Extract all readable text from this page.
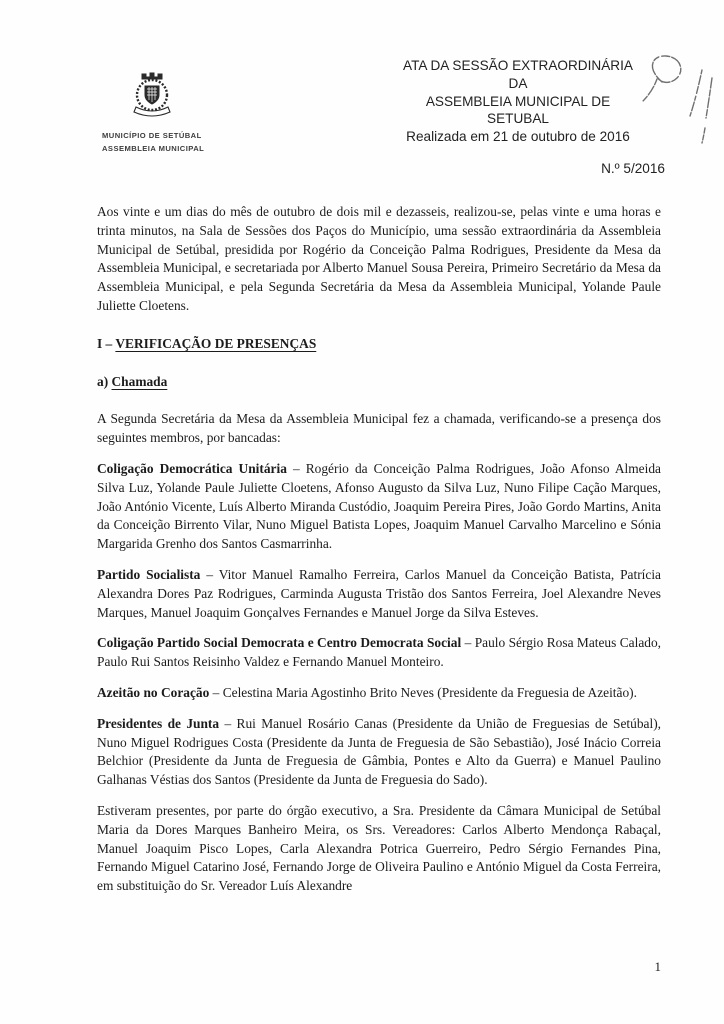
MUNICÍPIO DE SETÚBAL
ASSEMBLEIA MUNICIPAL
ATA DA SESSÃO EXTRAORDINÁRIA
DA
ASSEMBLEIA MUNICIPAL DE
SETUBAL
Realizada em 21 de outubro de 2016
N.º 5/2016

Aos vinte e um dias do mês de outubro de dois mil e dezasseis, realizou-se, pelas vinte e uma horas e trinta minutos, na Sala de Sessões dos Paços do Município, uma sessão extraordinária da Assembleia Municipal de Setúbal, presidida por Rogério da Conceição Palma Rodrigues, Presidente da Mesa da Assembleia Municipal, e secretariada por Alberto Manuel Sousa Pereira, Primeiro Secretário da Mesa da Assembleia Municipal, e pela Segunda Secretária da Mesa da Assembleia Municipal, Yolande Paule Juliette Cloetens.

I – VERIFICAÇÃO DE PRESENÇAS

a) Chamada

A Segunda Secretária da Mesa da Assembleia Municipal fez a chamada, verificando-se a presença dos seguintes membros, por bancadas:

Coligação Democrática Unitária – Rogério da Conceição Palma Rodrigues, João Afonso Almeida Silva Luz, Yolande Paule Juliette Cloetens, Afonso Augusto da Silva Luz, Nuno Filipe Cação Marques, João António Vicente, Luís Alberto Miranda Custódio, Joaquim Pereira Pires, João Gordo Martins, Anita da Conceição Birrento Vilar, Nuno Miguel Batista Lopes, Joaquim Manuel Carvalho Marcelino e Sónia Margarida Grenho dos Santos Casmarrinha.

Partido Socialista – Vitor Manuel Ramalho Ferreira, Carlos Manuel da Conceição Batista, Patrícia Alexandra Dores Paz Rodrigues, Carminda Augusta Tristão dos Santos Ferreira, Joel Alexandre Neves Marques, Manuel Joaquim Gonçalves Fernandes e Manuel Jorge da Silva Esteves.

Coligação Partido Social Democrata e Centro Democrata Social – Paulo Sérgio Rosa Mateus Calado, Paulo Rui Santos Reisinho Valdez e Fernando Manuel Monteiro.

Azeitão no Coração – Celestina Maria Agostinho Brito Neves (Presidente da Freguesia de Azeitão).

Presidentes de Junta – Rui Manuel Rosário Canas (Presidente da União de Freguesias de Setúbal), Nuno Miguel Rodrigues Costa (Presidente da Junta de Freguesia de São Sebastião), José Inácio Correia Belchior (Presidente da Junta de Freguesia de Gâmbia, Pontes e Alto da Guerra) e Manuel Paulino Galhanas Véstias dos Santos (Presidente da Junta de Freguesia do Sado).

Estiveram presentes, por parte do órgão executivo, a Sra. Presidente da Câmara Municipal de Setúbal Maria da Dores Marques Banheiro Meira, os Srs. Vereadores: Carlos Alberto Mendonça Rabaçal, Manuel Joaquim Pisco Lopes, Carla Alexandra Potrica Guerreiro, Pedro Sérgio Fernandes Pina, Fernando Miguel Catarino José, Fernando Jorge de Oliveira Paulino e António Miguel da Costa Ferreira, em substituição do Sr. Vereador Luís Alexandre

1
